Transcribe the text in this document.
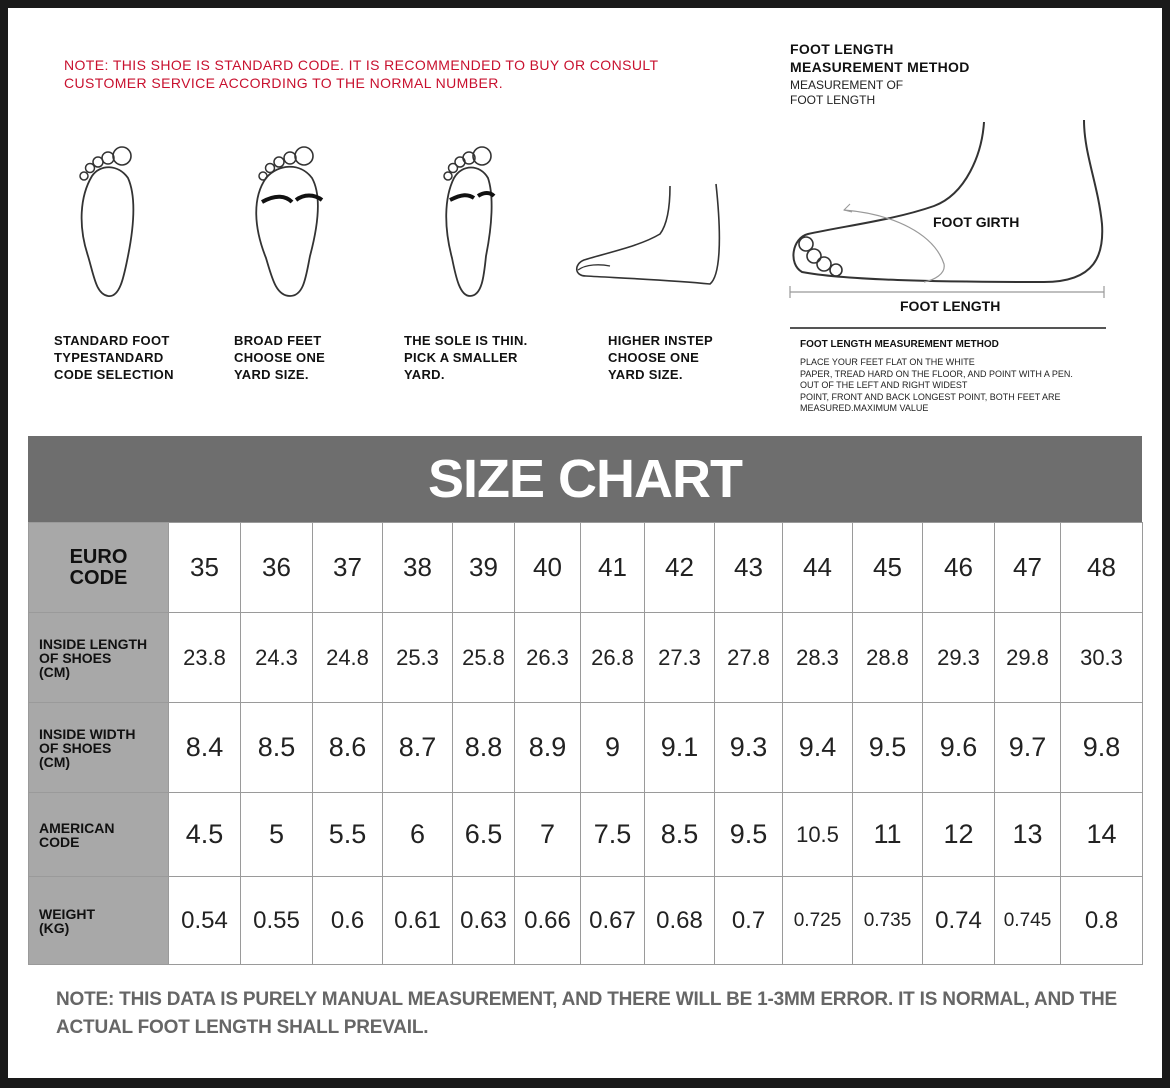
NOTE: THIS SHOE IS STANDARD CODE. IT IS RECOMMENDED TO BUY OR CONSULT CUSTOMER SERVICE ACCORDING TO THE NORMAL NUMBER.
STANDARD FOOT
TYPESTANDARD
CODE SELECTION
BROAD FEET
CHOOSE ONE
YARD SIZE.
THE SOLE IS THIN.
PICK A SMALLER
YARD.
HIGHER INSTEP
CHOOSE ONE
YARD SIZE.
FOOT LENGTH
MEASUREMENT METHOD
MEASUREMENT OF
FOOT LENGTH
FOOT GIRTH
FOOT LENGTH
FOOT LENGTH MEASUREMENT METHOD
PLACE YOUR FEET FLAT ON THE WHITE
PAPER, TREAD HARD ON THE FLOOR, AND POINT WITH A PEN.
OUT OF THE LEFT AND RIGHT WIDEST
POINT, FRONT AND BACK LONGEST POINT, BOTH FEET ARE
MEASURED.MAXIMUM VALUE
SIZE CHART
EURO
CODE	35	36	37	38	39	40	41	42	43	44	45	46	47	48
INSIDE LENGTH
OF SHOES
(CM)	23.8	24.3	24.8	25.3	25.8	26.3	26.8	27.3	27.8	28.3	28.8	29.3	29.8	30.3
INSIDE WIDTH
OF SHOES
(CM)	8.4	8.5	8.6	8.7	8.8	8.9	9	9.1	9.3	9.4	9.5	9.6	9.7	9.8
AMERICAN
CODE	4.5	5	5.5	6	6.5	7	7.5	8.5	9.5	10.5	11	12	13	14
WEIGHT
(KG)	0.54	0.55	0.6	0.61	0.63	0.66	0.67	0.68	0.7	0.725	0.735	0.74	0.745	0.8
NOTE: THIS DATA IS PURELY MANUAL MEASUREMENT, AND THERE WILL BE 1-3MM ERROR. IT IS NORMAL, AND THE ACTUAL FOOT LENGTH SHALL PREVAIL.
